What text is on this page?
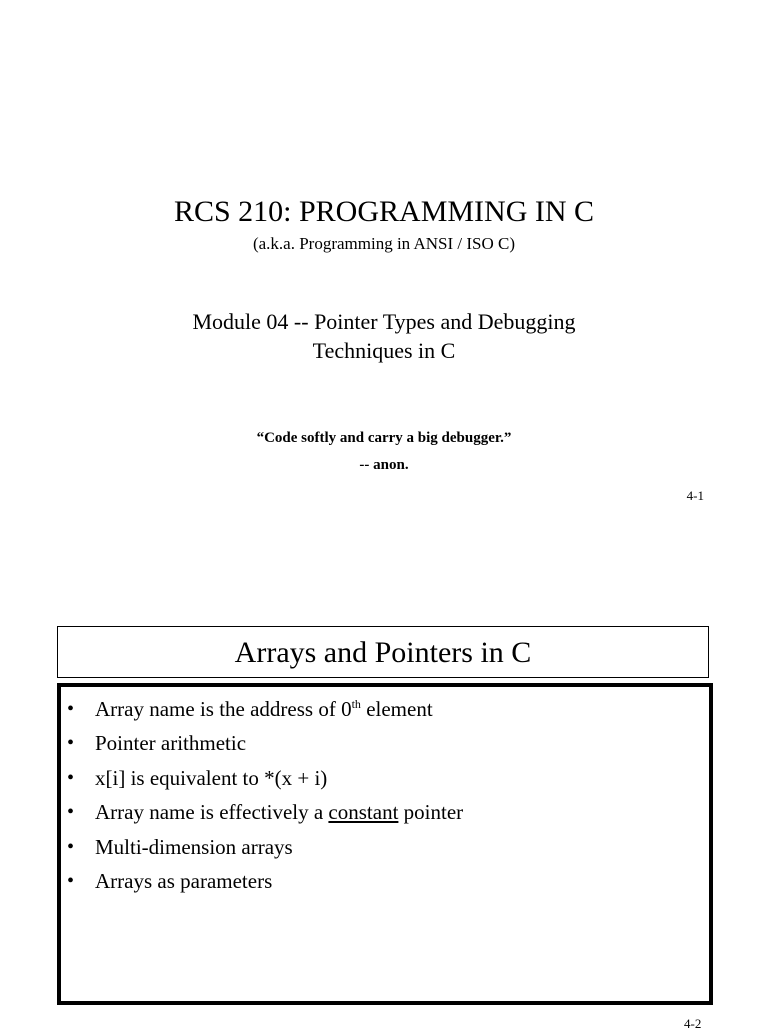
RCS 210: PROGRAMMING IN C
(a.k.a. Programming in ANSI / ISO C)
Module 04 -- Pointer Types and Debugging
Techniques in C
“Code softly and carry a big debugger.”
-- anon.
4-1
Arrays and Pointers in C
• Array name is the address of 0th element
• Pointer arithmetic
• x[i] is equivalent to *(x + i)
• Array name is effectively a constant pointer
• Multi-dimension arrays
• Arrays as parameters
4-2
